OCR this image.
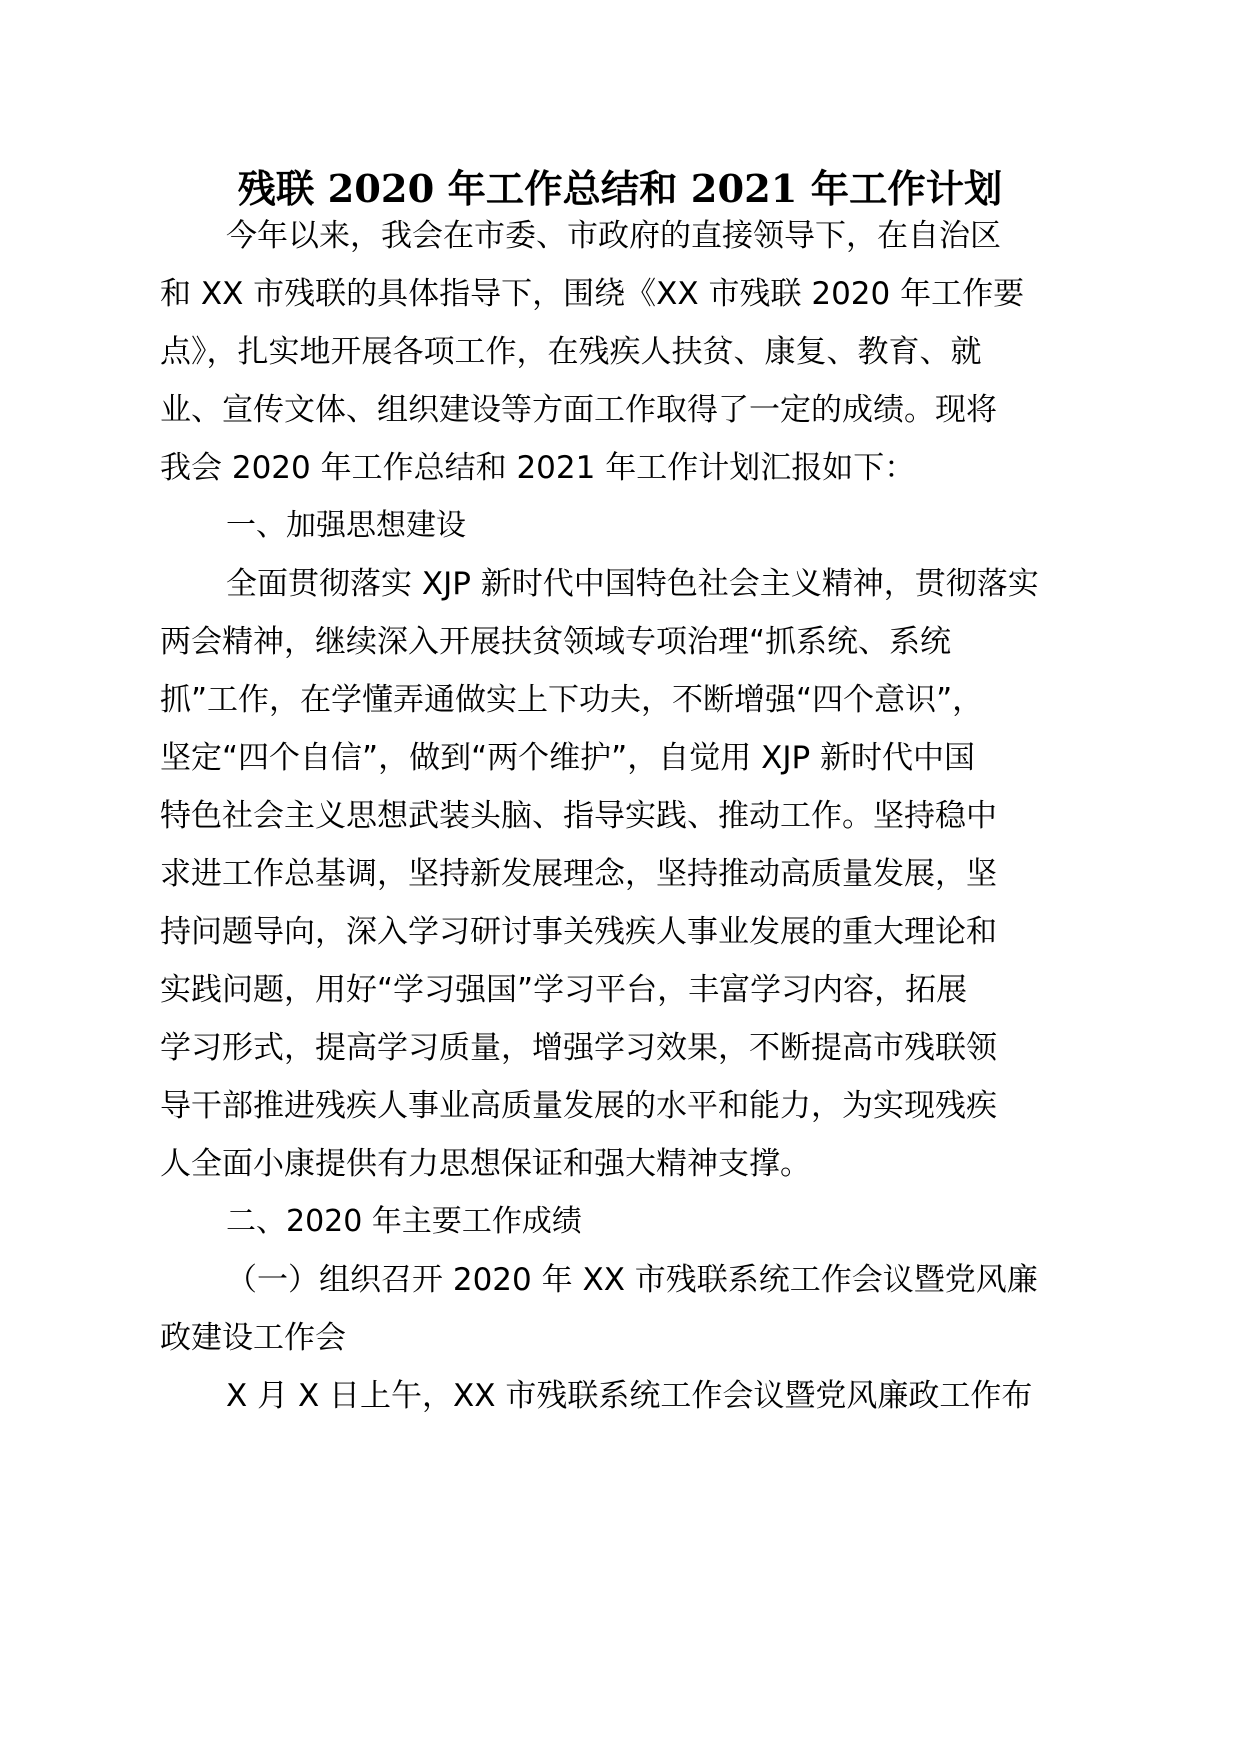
残联 2020 年工作总结和 2021 年工作计划
今年以来，我会在市委、市政府的直接领导下，在自治区
和 XX 市残联的具体指导下，围绕《XX 市残联 2020 年工作要
点》，扎实地开展各项工作，在残疾人扶贫、康复、教育、就
业、宣传文体、组织建设等方面工作取得了一定的成绩。现将
我会 2020 年工作总结和 2021 年工作计划汇报如下：
一、加强思想建设
全面贯彻落实 XJP 新时代中国特色社会主义精神，贯彻落实
两会精神，继续深入开展扶贫领域专项治理“抓系统、系统
抓”工作，在学懂弄通做实上下功夫，不断增强“四个意识”，
坚定“四个自信”，做到“两个维护”，自觉用 XJP 新时代中国
特色社会主义思想武装头脑、指导实践、推动工作。坚持稳中
求进工作总基调，坚持新发展理念，坚持推动高质量发展，坚
持问题导向，深入学习研讨事关残疾人事业发展的重大理论和
实践问题，用好“学习强国”学习平台，丰富学习内容，拓展
学习形式，提高学习质量，增强学习效果，不断提高市残联领
导干部推进残疾人事业高质量发展的水平和能力，为实现残疾
人全面小康提供有力思想保证和强大精神支撑。
二、2020 年主要工作成绩
（一）组织召开 2020 年 XX 市残联系统工作会议暨党风廉
政建设工作会
X 月 X 日上午，XX 市残联系统工作会议暨党风廉政工作布
